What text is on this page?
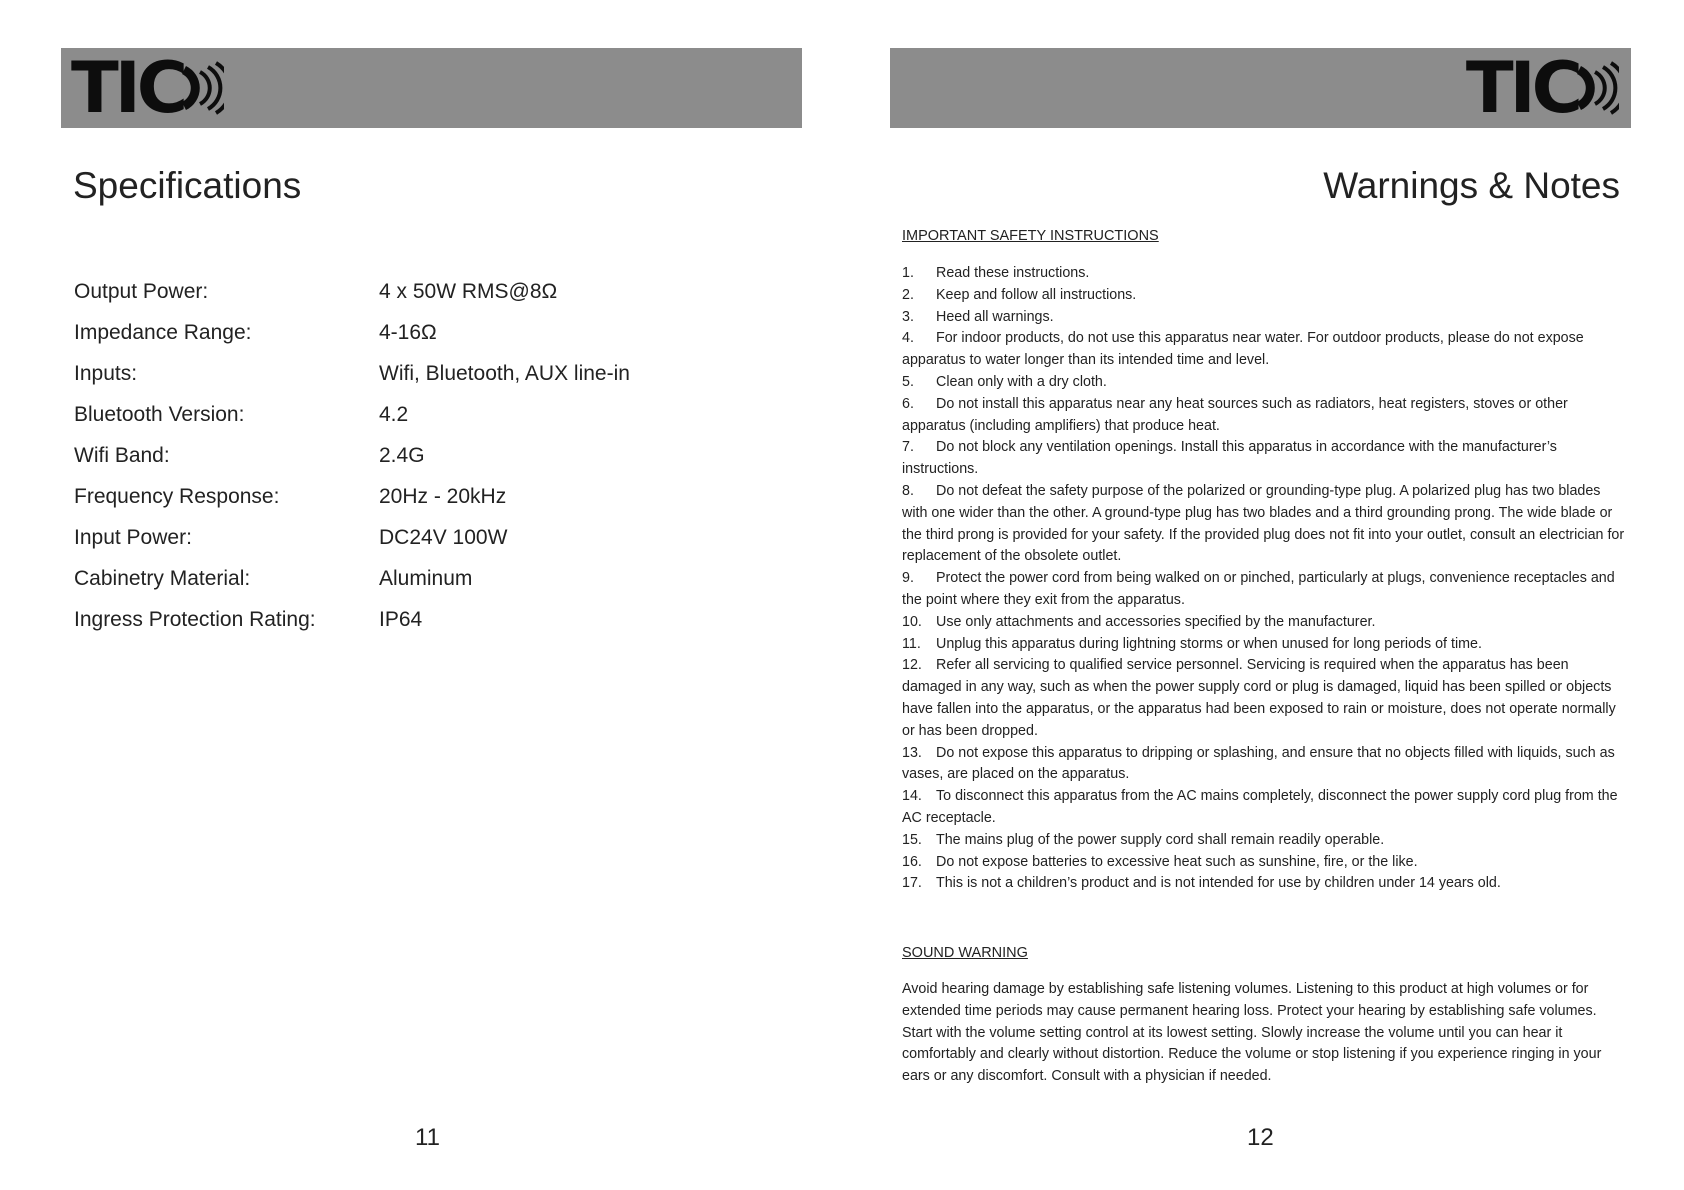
TIC
Specifications
Output Power:	4 x 50W RMS@8Ω
Impedance Range:	4-16Ω
Inputs:	Wifi, Bluetooth, AUX line-in
Bluetooth Version:	4.2
Wifi Band:	2.4G
Frequency Response:	20Hz - 20kHz
Input Power:	DC24V 100W
Cabinetry Material:	Aluminum
Ingress Protection Rating:	IP64
11
TIC
Warnings & Notes
IMPORTANT SAFETY INSTRUCTIONS
1. Read these instructions.
2. Keep and follow all instructions.
3. Heed all warnings.
4. For indoor products, do not use this apparatus near water. For outdoor products, please do not expose apparatus to water longer than its intended time and level.
5. Clean only with a dry cloth.
6. Do not install this apparatus near any heat sources such as radiators, heat registers, stoves or other apparatus (including amplifiers) that produce heat.
7. Do not block any ventilation openings. Install this apparatus in accordance with the manufacturer’s instructions.
8. Do not defeat the safety purpose of the polarized or grounding-type plug. A polarized plug has two blades with one wider than the other. A ground-type plug has two blades and a third grounding prong. The wide blade or the third prong is provided for your safety. If the provided plug does not fit into your outlet, consult an electrician for replacement of the obsolete outlet.
9. Protect the power cord from being walked on or pinched, particularly at plugs, convenience receptacles and the point where they exit from the apparatus.
10. Use only attachments and accessories specified by the manufacturer.
11. Unplug this apparatus during lightning storms or when unused for long periods of time.
12. Refer all servicing to qualified service personnel. Servicing is required when the apparatus has been damaged in any way, such as when the power supply cord or plug is damaged, liquid has been spilled or objects have fallen into the apparatus, or the apparatus had been exposed to rain or moisture, does not operate normally or has been dropped.
13. Do not expose this apparatus to dripping or splashing, and ensure that no objects filled with liquids, such as vases, are placed on the apparatus.
14. To disconnect this apparatus from the AC mains completely, disconnect the power supply cord plug from the AC receptacle.
15. The mains plug of the power supply cord shall remain readily operable.
16. Do not expose batteries to excessive heat such as sunshine, fire, or the like.
17. This is not a children’s product and is not intended for use by children under 14 years old.
SOUND WARNING

Avoid hearing damage by establishing safe listening volumes. Listening to this product at high volumes or for extended time periods may cause permanent hearing loss. Protect your hearing by establishing safe volumes. Start with the volume setting control at its lowest setting. Slowly increase the volume until you can hear it comfortably and clearly without distortion. Reduce the volume or stop listening if you experience ringing in your ears or any discomfort. Consult with a physician if needed.

12
